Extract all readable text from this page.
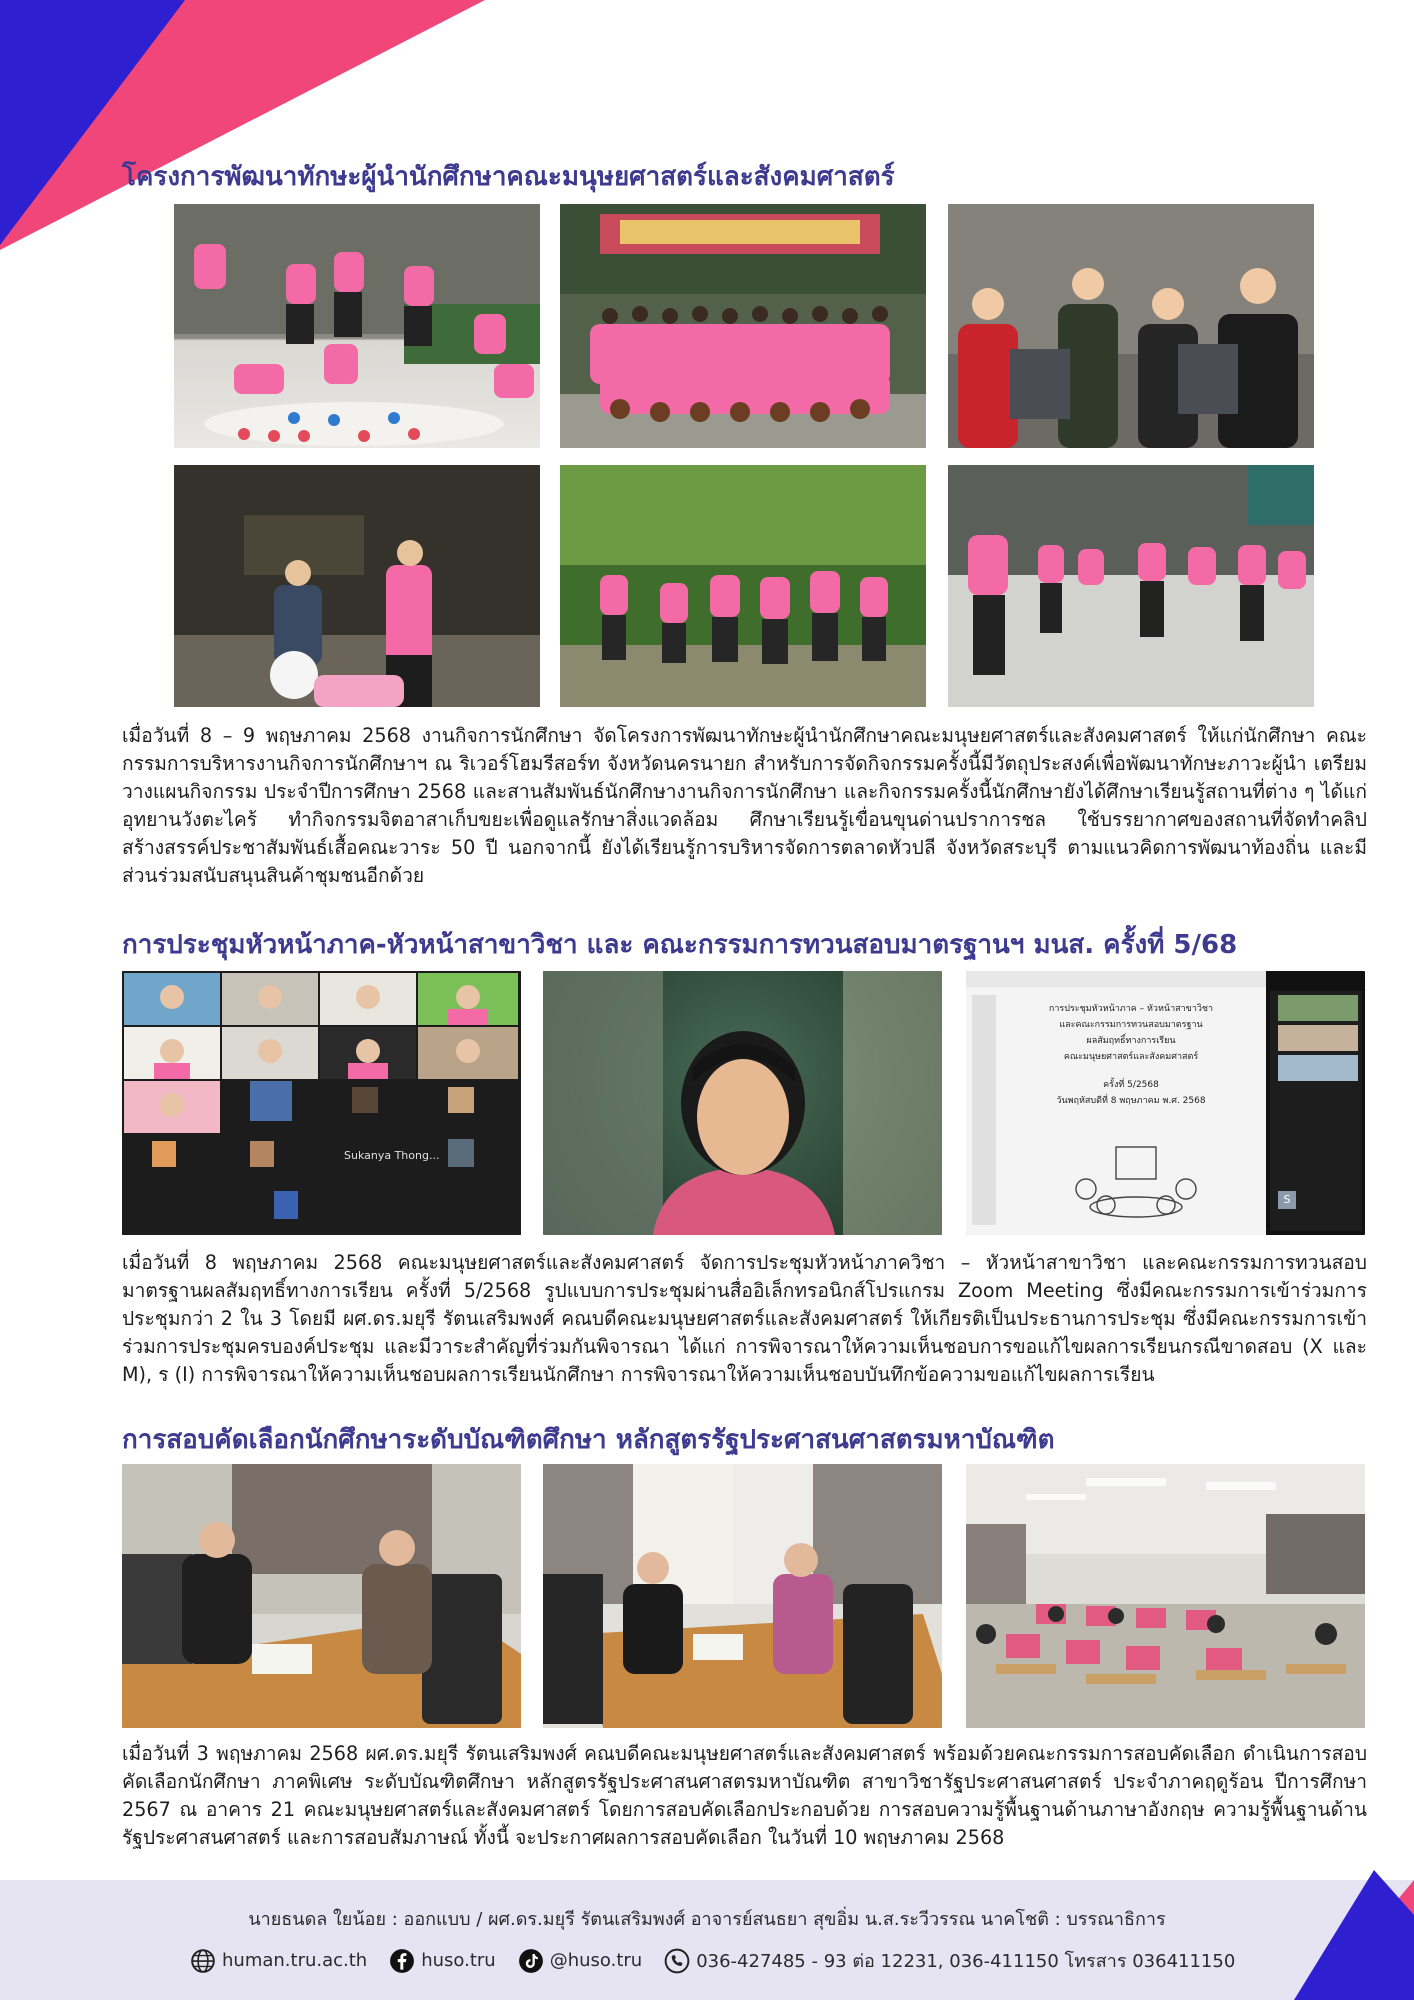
โครงการพัฒนาทักษะผู้นำนักศึกษาคณะมนุษยศาสตร์และสังคมศาสตร์

เมื่อวันที่ 8 – 9 พฤษภาคม 2568 งานกิจการนักศึกษา จัดโครงการพัฒนาทักษะผู้นำนักศึกษาคณะมนุษยศาสตร์และสังคมศาสตร์ ให้แก่นักศึกษา คณะกรรมการบริหารงานกิจการนักศึกษาฯ ณ ริเวอร์โฮมรีสอร์ท จังหวัดนครนายก สำหรับการจัดกิจกรรมครั้งนี้มีวัตถุประสงค์เพื่อพัฒนาทักษะภาวะผู้นำ เตรียมวางแผนกิจกรรม ประจำปีการศึกษา 2568 และสานสัมพันธ์นักศึกษางานกิจการนักศึกษา และกิจกรรมครั้งนี้นักศึกษายังได้ศึกษาเรียนรู้สถานที่ต่าง ๆ ได้แก่ อุทยานวังตะไคร้ ทำกิจกรรมจิตอาสาเก็บขยะเพื่อดูแลรักษาสิ่งแวดล้อม ศึกษาเรียนรู้เขื่อนขุนด่านปราการชล ใช้บรรยากาศของสถานที่จัดทำคลิปสร้างสรรค์ประชาสัมพันธ์เสื้อคณะวาระ 50 ปี นอกจากนี้ ยังได้เรียนรู้การบริหารจัดการตลาดหัวปลี จังหวัดสระบุรี ตามแนวคิดการพัฒนาท้องถิ่น และมีส่วนร่วมสนับสนุนสินค้าชุมชนอีกด้วย

การประชุมหัวหน้าภาค-หัวหน้าสาขาวิชา และ คณะกรรมการทวนสอบมาตรฐานฯ มนส. ครั้งที่ 5/68
Sukanya Thong...
การประชุมหัวหน้าภาค – หัวหน้าสาขาวิชา
และคณะกรรมการทวนสอบมาตรฐาน
ผลสัมฤทธิ์ทางการเรียน
คณะมนุษยศาสตร์และสังคมศาสตร์
ครั้งที่ 5/2568
วันพฤหัสบดีที่ 8 พฤษภาคม พ.ศ. 2568
S

เมื่อวันที่ 8 พฤษภาคม 2568 คณะมนุษยศาสตร์และสังคมศาสตร์ จัดการประชุมหัวหน้าภาควิชา – หัวหน้าสาขาวิชา และคณะกรรมการทวนสอบมาตรฐานผลสัมฤทธิ์ทางการเรียน ครั้งที่ 5/2568 รูปแบบการประชุมผ่านสื่ออิเล็กทรอนิกส์โปรแกรม Zoom Meeting ซึ่งมีคณะกรรมการเข้าร่วมการประชุมกว่า 2 ใน 3 โดยมี ผศ.ดร.มยุรี รัตนเสริมพงศ์ คณบดีคณะมนุษยศาสตร์และสังคมศาสตร์ ให้เกียรติเป็นประธานการประชุม ซึ่งมีคณะกรรมการเข้าร่วมการประชุมครบองค์ประชุม และมีวาระสำคัญที่ร่วมกันพิจารณา ได้แก่ การพิจารณาให้ความเห็นชอบการขอแก้ไขผลการเรียนกรณีขาดสอบ (X และ M), ร (I) การพิจารณาให้ความเห็นชอบผลการเรียนนักศึกษา การพิจารณาให้ความเห็นชอบบันทึกข้อความขอแก้ไขผลการเรียน

การสอบคัดเลือกนักศึกษาระดับบัณฑิตศึกษา หลักสูตรรัฐประศาสนศาสตรมหาบัณฑิต

เมื่อวันที่ 3 พฤษภาคม 2568 ผศ.ดร.มยุรี รัตนเสริมพงศ์ คณบดีคณะมนุษยศาสตร์และสังคมศาสตร์ พร้อมด้วยคณะกรรมการสอบคัดเลือก ดำเนินการสอบคัดเลือกนักศึกษา ภาคพิเศษ ระดับบัณฑิตศึกษา หลักสูตรรัฐประศาสนศาสตรมหาบัณฑิต สาขาวิชารัฐประศาสนศาสตร์ ประจำภาคฤดูร้อน ปีการศึกษา 2567 ณ อาคาร 21 คณะมนุษยศาสตร์และสังคมศาสตร์ โดยการสอบคัดเลือกประกอบด้วย การสอบความรู้พื้นฐานด้านภาษาอังกฤษ ความรู้พื้นฐานด้านรัฐประศาสนศาสตร์ และการสอบสัมภาษณ์ ทั้งนี้ จะประกาศผลการสอบคัดเลือก ในวันที่ 10 พฤษภาคม 2568

นายธนดล ใยน้อย : ออกแบบ / ผศ.ดร.มยุรี รัตนเสริมพงศ์ อาจารย์สนธยา สุขอิ่ม น.ส.ระวีวรรณ นาคโชติ : บรรณาธิการ
human.tru.ac.th	huso.tru	@huso.tru	036-427485 - 93 ต่อ 12231, 036-411150 โทรสาร 036411150
